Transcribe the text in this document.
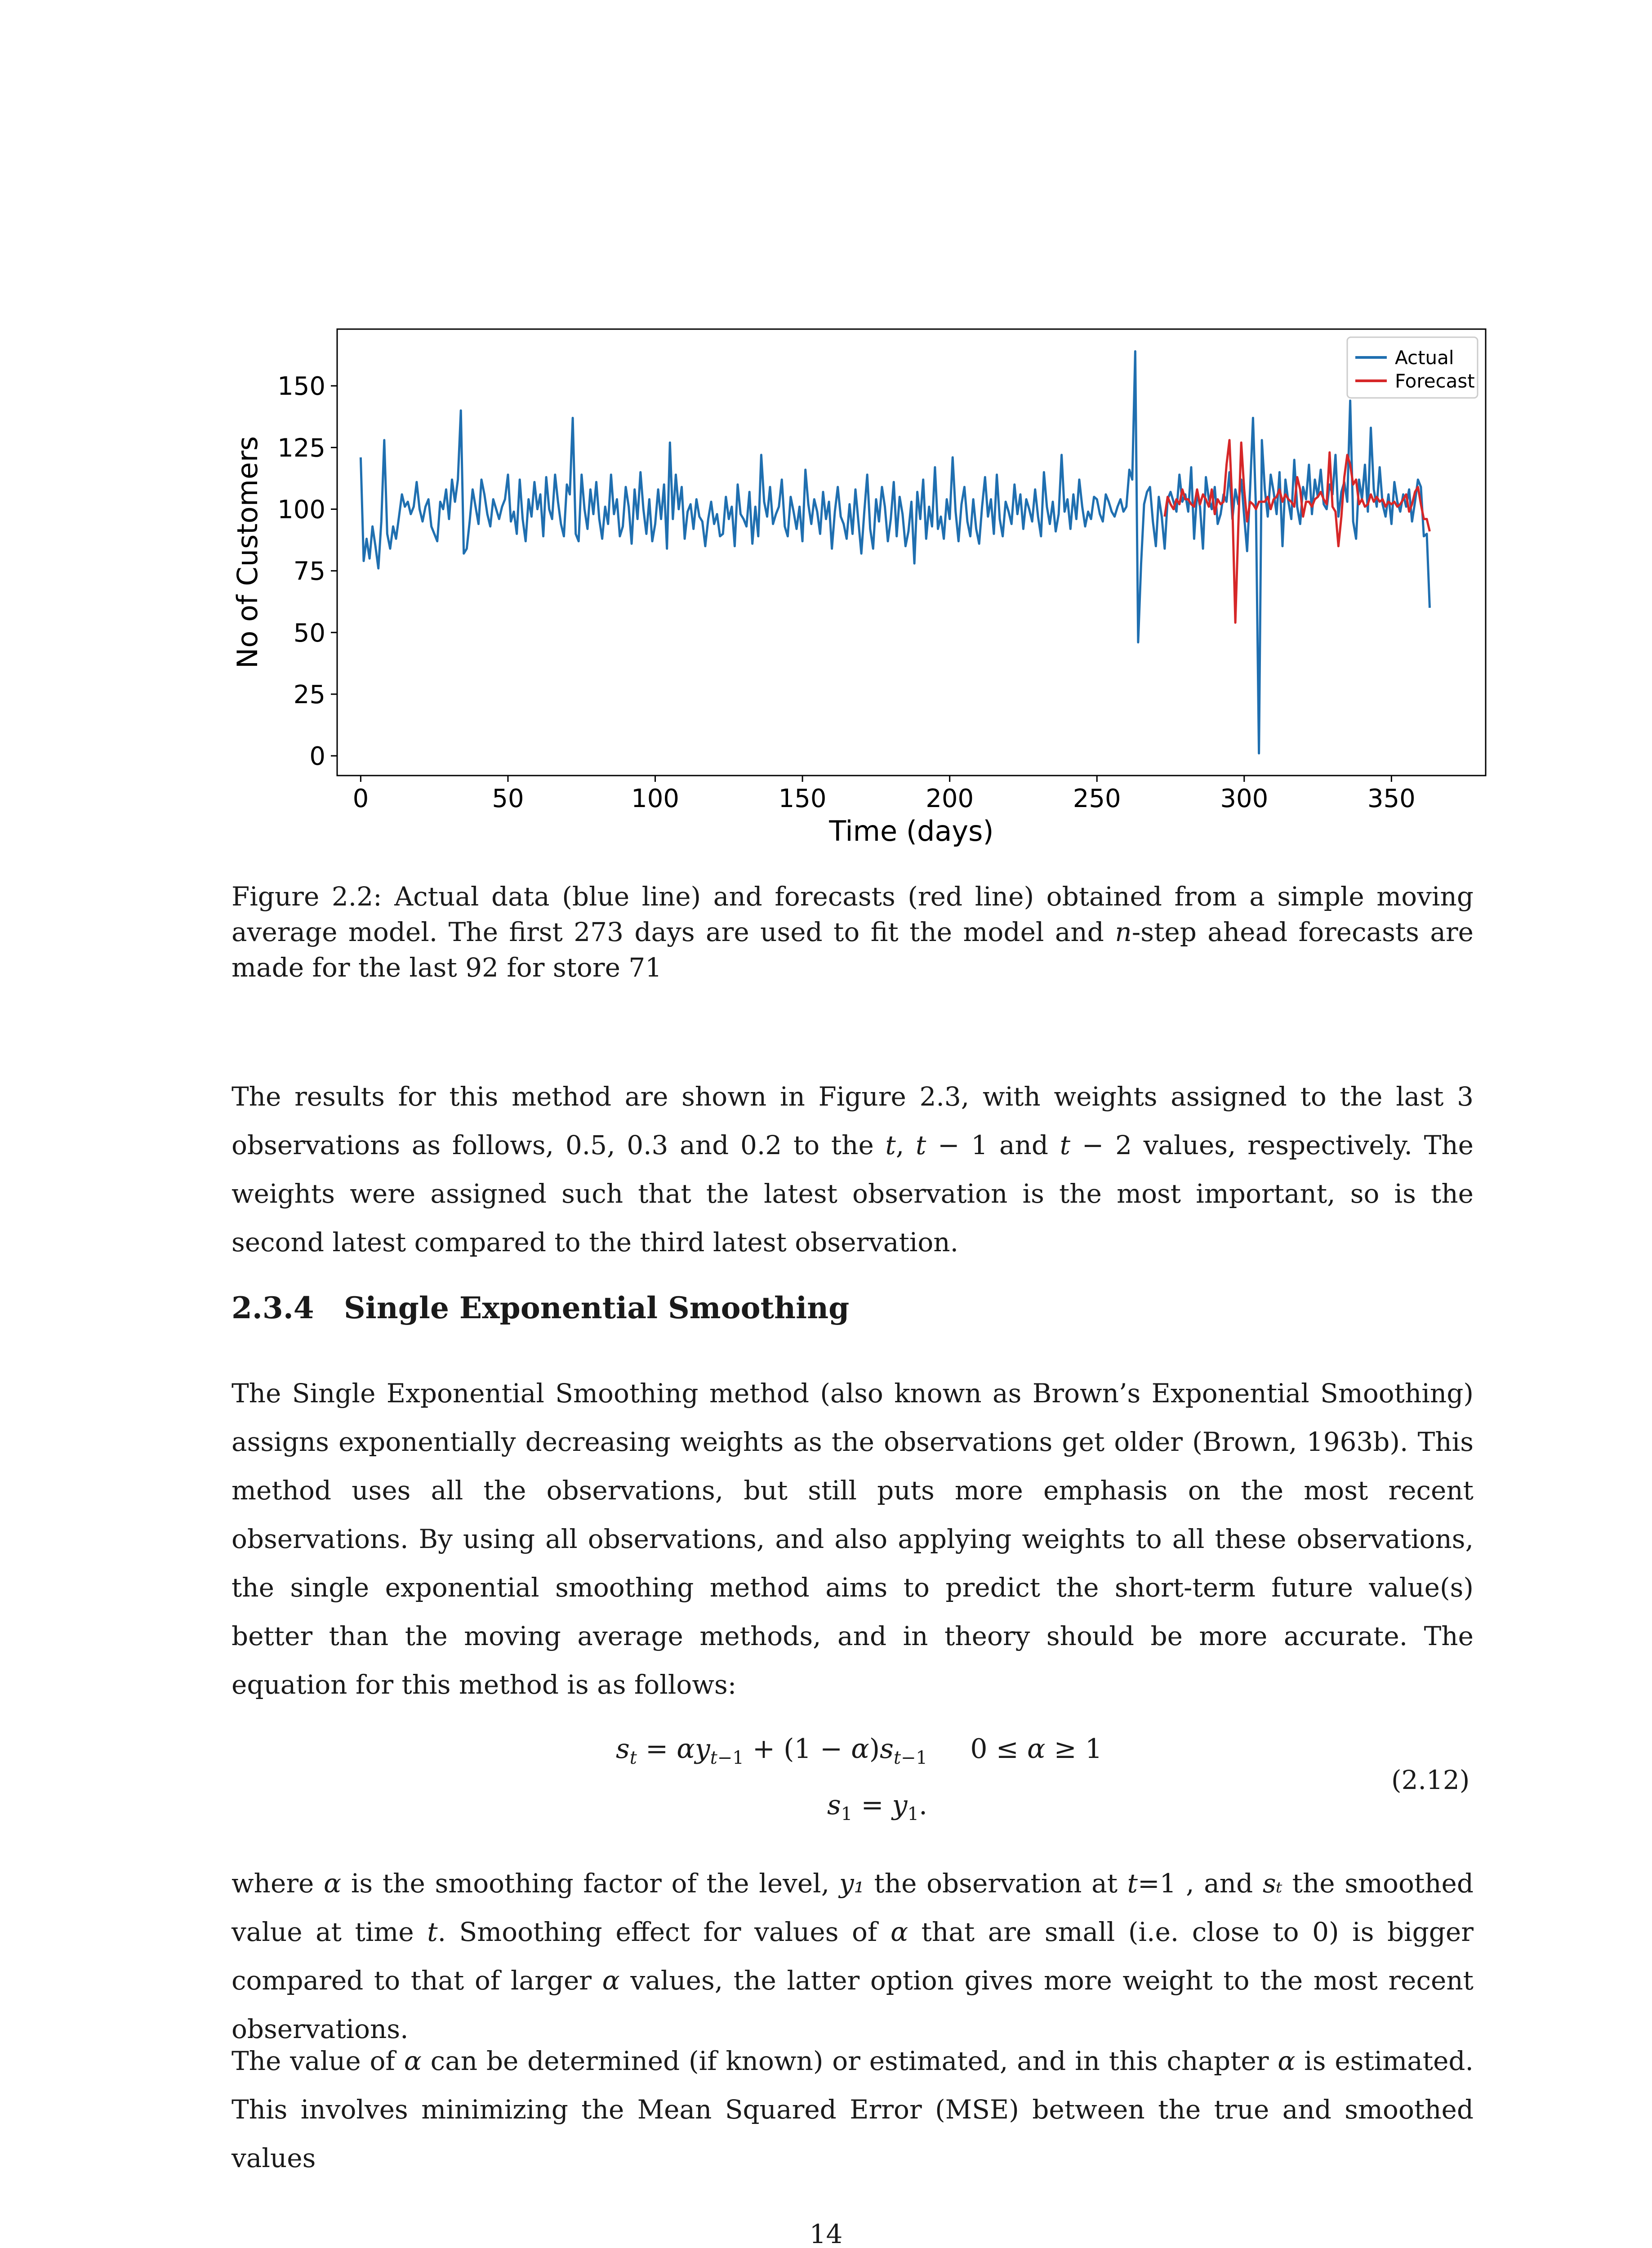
0	50	100	150	200	250	300	350
0
25
50
75
100
125
150
Time (days)
No of Customers
Actual
Forecast
Figure 2.2: Actual data (blue line) and forecasts (red line) obtained from a simple moving average model. The first 273 days are used to fit the model and n-step ahead forecasts are made for the last 92 for store 71

The results for this method are shown in Figure 2.3, with weights assigned to the last 3 observations as follows, 0.5, 0.3 and 0.2 to the t, t − 1 and t − 2 values, respectively. The weights were assigned such that the latest observation is the most important, so is the second latest compared to the third latest observation.

2.3.4 Single Exponential Smoothing

The Single Exponential Smoothing method (also known as Brown’s Exponential Smoothing) assigns exponentially decreasing weights as the observations get older (Brown, 1963b). This method uses all the observations, but still puts more emphasis on the most recent observations. By using all observations, and also applying weights to all these observations, the single exponential smoothing method aims to predict the short-term future value(s) better than the moving average methods, and in theory should be more accurate. The equation for this method is as follows:

$s_t = \alpha y_{t-1} + (1 - \alpha)s_{t-1}$     0 ≤ α ≥ 1
$s_1 = y_1$.
(2.12)

where α is the smoothing factor of the level, y₁ the observation at t=1 , and sₜ the smoothed value at time t. Smoothing effect for values of α that are small (i.e. close to 0) is bigger compared to that of larger α values, the latter option gives more weight to the most recent observations.

The value of α can be determined (if known) or estimated, and in this chapter α is estimated. This involves minimizing the Mean Squared Error (MSE) between the true and smoothed values

14
